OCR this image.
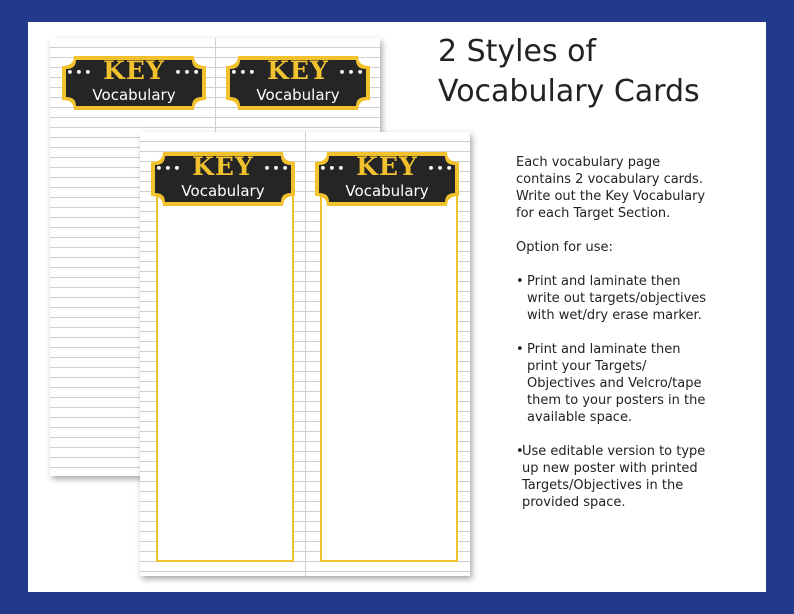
••• KEY •••
Vocabulary
••• KEY •••
Vocabulary
••• KEY •••
Vocabulary
••• KEY •••
Vocabulary
2 Styles of
Vocabulary Cards

Each vocabulary page

contains 2 vocabulary cards.

Write out the Key Vocabulary

for each Target Section.

Option for use:

• Print and laminate then

write out targets/objectives

with wet/dry erase marker.

• Print and laminate then

print your Targets/

Objectives and Velcro/tape

them to your posters in the

available space.

•

Use editable version to type

up new poster with printed

Targets/Objectives in the

provided space.
